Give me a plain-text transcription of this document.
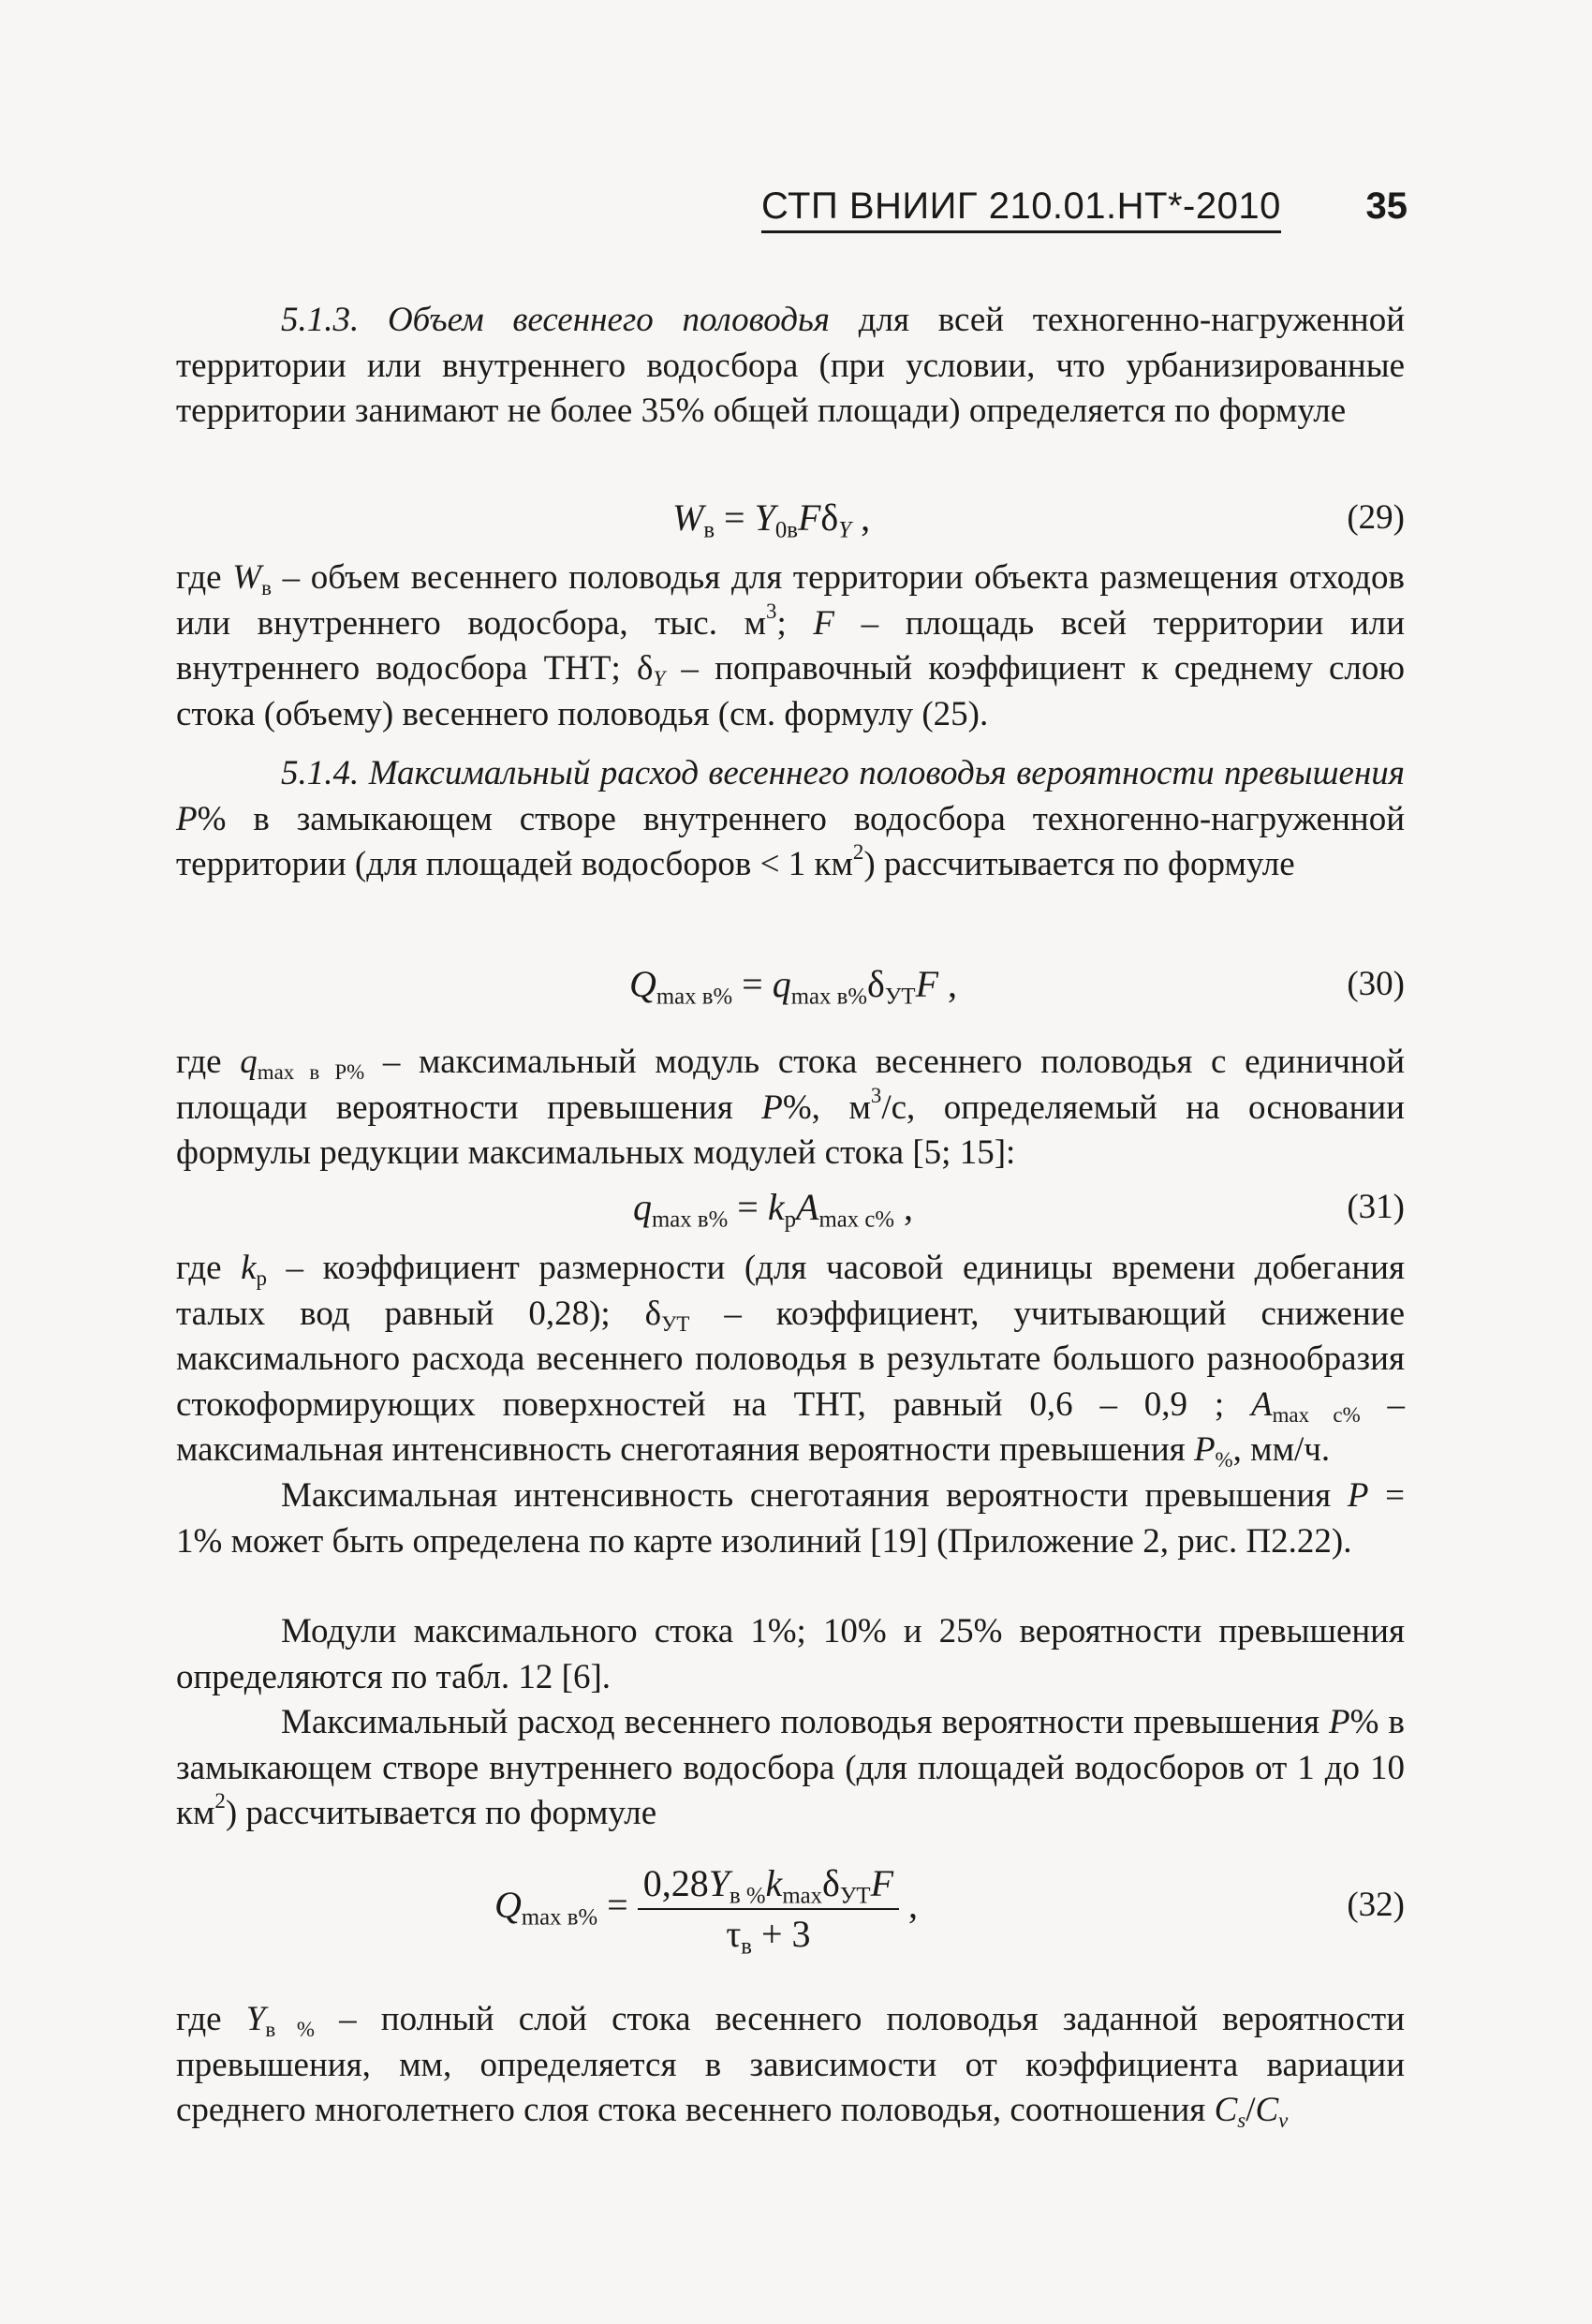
СТП ВНИИГ 210.01.НТ*-2010 35

5.1.3. Объем весеннего половодья для всей техногенно-нагруженной территории или внутреннего водосбора (при условии, что урбанизированные территории занимают не более 35% общей площади) определяется по формуле

$W_в = Y_{0в}F\delta_Y$ ,	(29)

где $W_в$ – объем весеннего половодья для территории объекта размещения отходов или внутреннего водосбора, тыс. $м^3$; F – площадь всей территории или внутреннего водосбора ТНТ; $\delta_Y$ – поправочный коэффициент к среднему слою стока (объему) весеннего половодья (см. формулу (25).

5.1.4. Максимальный расход весеннего половодья вероятности превышения P% в замыкающем створе внутреннего водосбора техногенно-нагруженной территории (для площадей водосборов < 1 $км^2$) рассчитывается по формуле

$Q_{max в\%} = q_{max в\%}\delta_{УТ}F$ ,	(30)

где $q_{max в P\%}$ – максимальный модуль стока весеннего половодья с единичной площади вероятности превышения P%, $м^3/с$, определяемый на основании формулы редукции максимальных модулей стока [5; 15]:

$q_{max в\%} = k_рA_{max с\%}$ ,	(31)

где $k_р$ – коэффициент размерности (для часовой единицы времени добегания талых вод равный 0,28); $\delta_{УТ}$ – коэффициент, учитывающий снижение максимального расхода весеннего половодья в результате большого разнообразия стокоформирующих поверхностей на ТНТ, равный 0,6 – 0,9 ; $A_{max с\%}$ – максимальная интенсивность снеготаяния вероятности превышения $P_{\%}$, мм/ч.

Максимальная интенсивность снеготаяния вероятности превышения P = 1% может быть определена по карте изолиний [19] (Приложение 2, рис. П2.22).

Модули максимального стока 1%; 10% и 25% вероятности превышения определяются по табл. 12 [6].

Максимальный расход весеннего половодья вероятности превышения P% в замыкающем створе внутреннего водосбора (для площадей водосборов от 1 до 10 $км^2$) рассчитывается по формуле

$Q_{max в\%} = \frac{0,28Y_{в \%}k_{max}\delta_{УТ}F}{\tau_в + 3}$ ,	(32)

где $Y_{в \%}$ – полный слой стока весеннего половодья заданной вероятности превышения, мм, определяется в зависимости от коэффициента вариации среднего многолетнего слоя стока весеннего половодья, соотношения $C_s/C_v$
